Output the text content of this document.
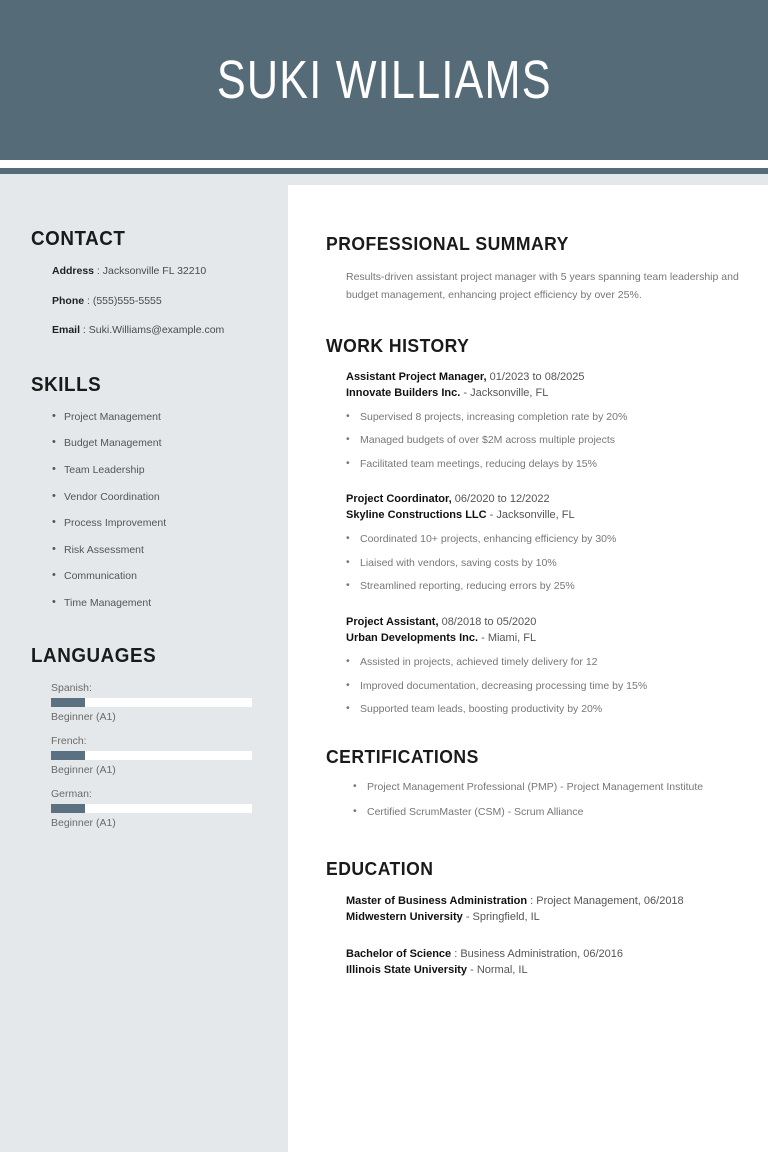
SUKI WILLIAMS
CONTACT
Address : Jacksonville FL 32210
Phone : (555)555-5555
Email : Suki.Williams@example.com
SKILLS
• Project Management
• Budget Management
• Team Leadership
• Vendor Coordination
• Process Improvement
• Risk Assessment
• Communication
• Time Management
LANGUAGES
Spanish:
Beginner (A1)
French:
Beginner (A1)
German:
Beginner (A1)
PROFESSIONAL SUMMARY

Results-driven assistant project manager with 5 years spanning team leadership and budget management, enhancing project efficiency by over 25%.

WORK HISTORY
Assistant Project Manager, 01/2023 to 08/2025
Innovate Builders Inc. - Jacksonville, FL
• Supervised 8 projects, increasing completion rate by 20%
• Managed budgets of over $2M across multiple projects
• Facilitated team meetings, reducing delays by 15%
Project Coordinator, 06/2020 to 12/2022
Skyline Constructions LLC - Jacksonville, FL
• Coordinated 10+ projects, enhancing efficiency by 30%
• Liaised with vendors, saving costs by 10%
• Streamlined reporting, reducing errors by 25%
Project Assistant, 08/2018 to 05/2020
Urban Developments Inc. - Miami, FL
• Assisted in projects, achieved timely delivery for 12
• Improved documentation, decreasing processing time by 15%
• Supported team leads, boosting productivity by 20%
CERTIFICATIONS
• Project Management Professional (PMP) - Project Management Institute
• Certified ScrumMaster (CSM) - Scrum Alliance
EDUCATION
Master of Business Administration : Project Management, 06/2018
Midwestern University - Springfield, IL
Bachelor of Science : Business Administration, 06/2016
Illinois State University - Normal, IL
